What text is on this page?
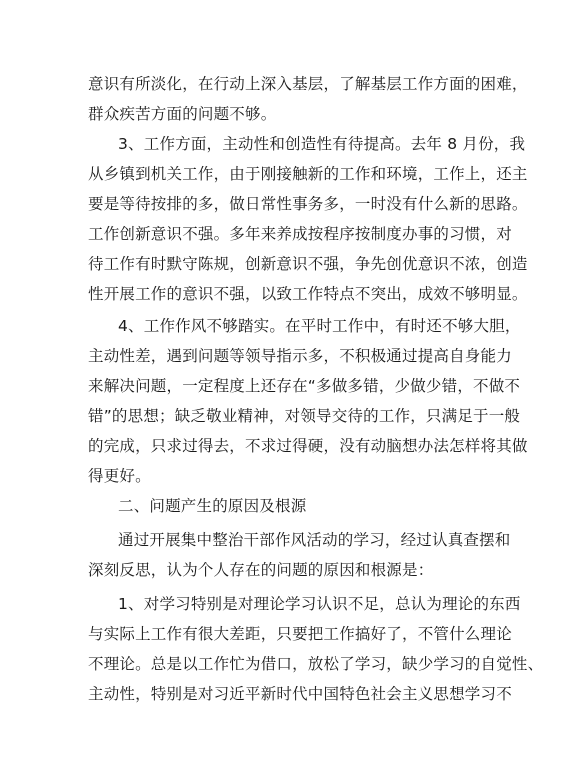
意识有所淡化，在行动上深入基层，了解基层工作方面的困难，
群众疾苦方面的问题不够。
3、工作方面，主动性和创造性有待提高。去年 8 月份，我
从乡镇到机关工作，由于刚接触新的工作和环境，工作上，还主
要是等待按排的多，做日常性事务多，一时没有什么新的思路。
工作创新意识不强。多年来养成按程序按制度办事的习惯，对
待工作有时默守陈规，创新意识不强，争先创优意识不浓，创造
性开展工作的意识不强，以致工作特点不突出，成效不够明显。
4、工作作风不够踏实。在平时工作中，有时还不够大胆，
主动性差，遇到问题等领导指示多，不积极通过提高自身能力
来解决问题，一定程度上还存在“多做多错，少做少错，不做不
错”的思想；缺乏敬业精神，对领导交待的工作，只满足于一般
的完成，只求过得去，不求过得硬，没有动脑想办法怎样将其做
得更好。
二、问题产生的原因及根源
通过开展集中整治干部作风活动的学习，经过认真查摆和
深刻反思，认为个人存在的问题的原因和根源是：
1、对学习特别是对理论学习认识不足，总认为理论的东西
与实际上工作有很大差距，只要把工作搞好了，不管什么理论
不理论。总是以工作忙为借口，放松了学习，缺少学习的自觉性、
主动性，特别是对习近平新时代中国特色社会主义思想学习不
